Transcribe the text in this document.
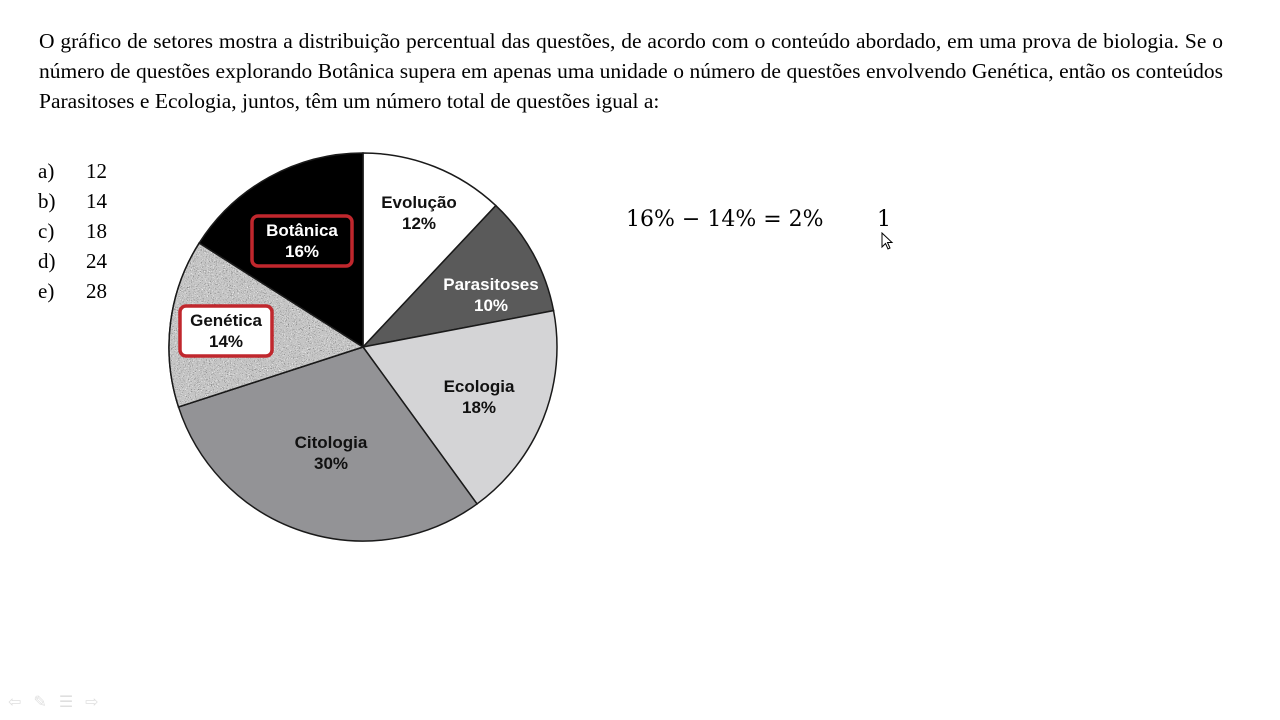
O gráfico de setores mostra a distribuição percentual das questões, de acordo com o conteúdo abordado, em uma prova de biologia. Se o número de questões explorando Botânica supera em apenas uma unidade o número de questões envolvendo Genética, então os conteúdos Parasitoses e Ecologia, juntos, têm um número total de questões igual a:

a)	12
b)	14
c)	18
d)	24
e)	28
Evolução
12%
Parasitoses
10%
Ecologia
18%
Citologia
30%
Genética
14%
Botânica
16%
16% − 14% = 2% 1
⇦ ✎ ☰ ⇨
